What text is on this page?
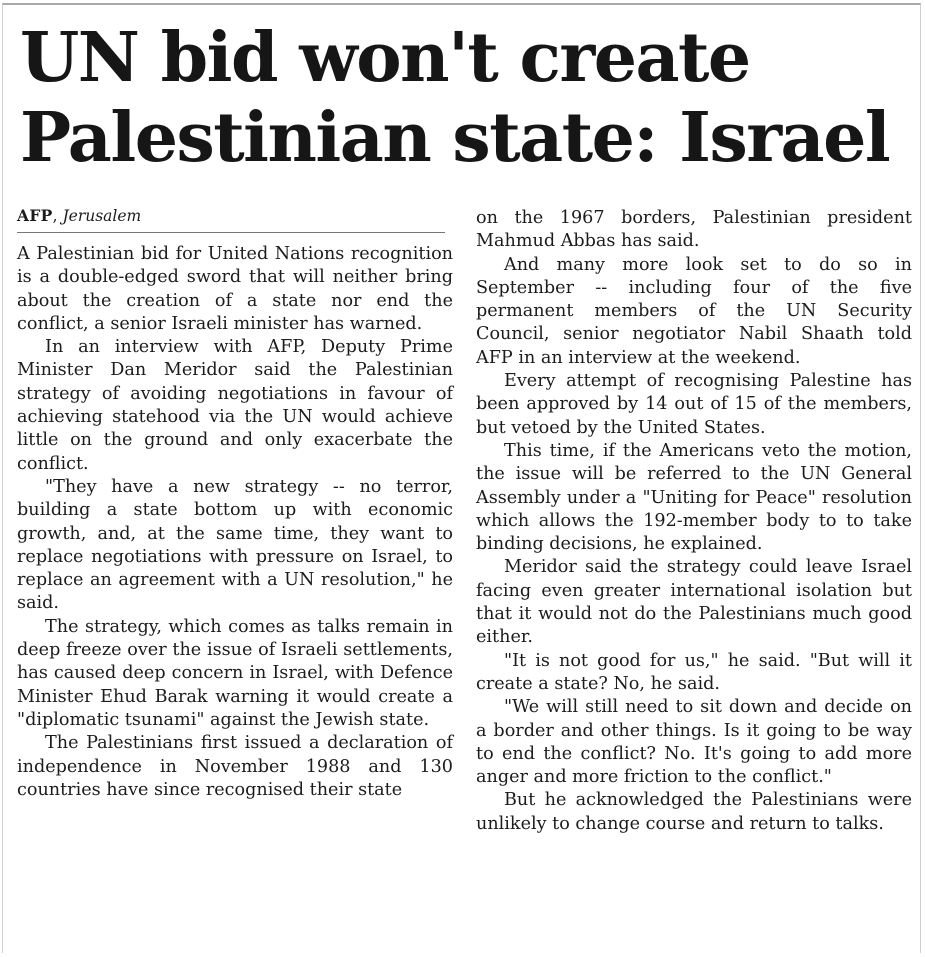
UN bid won't create Palestinian state: Israel
AFP, Jerusalem

A Palestinian bid for United Nations recognition is a double-edged sword that will neither bring about the creation of a state nor end the conflict, a senior Israeli minister has warned.

In an interview with AFP, Deputy Prime Minister Dan Meridor said the Palestinian strategy of avoiding negotiations in favour of achieving statehood via the UN would achieve little on the ground and only exacerbate the conflict.

"They have a new strategy -- no terror, building a state bottom up with economic growth, and, at the same time, they want to replace negotiations with pressure on Israel, to replace an agreement with a UN resolution," he said.

The strategy, which comes as talks remain in deep freeze over the issue of Israeli settlements, has caused deep concern in Israel, with Defence Minister Ehud Barak warning it would create a "diplomatic tsunami" against the Jewish state.

The Palestinians first issued a declaration of independence in November 1988 and 130 countries have since recognised their state

on the 1967 borders, Palestinian president Mahmud Abbas has said.

And many more look set to do so in September -- including four of the five permanent members of the UN Security Council, senior negotiator Nabil Shaath told AFP in an interview at the weekend.

Every attempt of recognising Palestine has been approved by 14 out of 15 of the members, but vetoed by the United States.

This time, if the Americans veto the motion, the issue will be referred to the UN General Assembly under a "Uniting for Peace" resolution which allows the 192-member body to to take binding decisions, he explained.

Meridor said the strategy could leave Israel facing even greater international isolation but that it would not do the Palestinians much good either.

"It is not good for us," he said. "But will it create a state? No, he said.

"We will still need to sit down and decide on a border and other things. Is it going to be way to end the conflict? No. It's going to add more anger and more friction to the conflict."

But he acknowledged the Palestinians were unlikely to change course and return to talks.
